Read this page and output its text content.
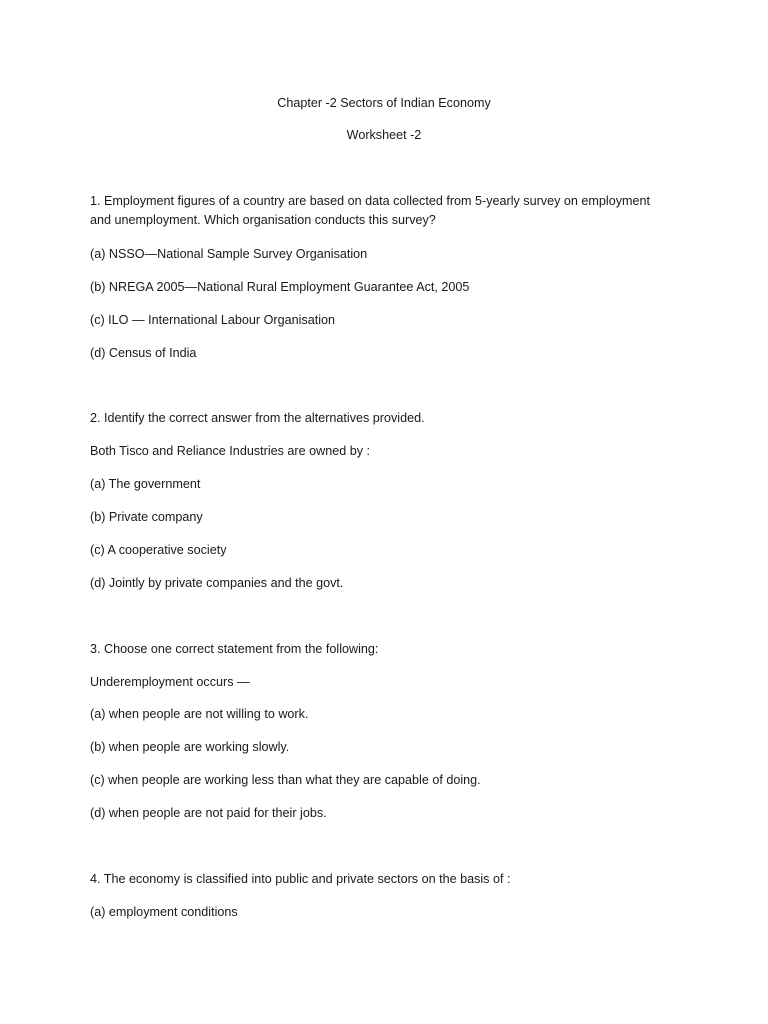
Chapter -2 Sectors of Indian Economy
Worksheet -2
1. Employment figures of a country are based on data collected from 5-yearly survey on employment
and unemployment. Which organisation conducts this survey?
(a) NSSO—National Sample Survey Organisation
(b) NREGA 2005—National Rural Employment Guarantee Act, 2005
(c) ILO — International Labour Organisation
(d) Census of India
2. Identify the correct answer from the alternatives provided.
Both Tisco and Reliance Industries are owned by :
(a) The government
(b) Private company
(c) A cooperative society
(d) Jointly by private companies and the govt.
3. Choose one correct statement from the following:
Underemployment occurs —
(a) when people are not willing to work.
(b) when people are working slowly.
(c) when people are working less than what they are capable of doing.
(d) when people are not paid for their jobs.
4. The economy is classified into public and private sectors on the basis of :
(a) employment conditions
